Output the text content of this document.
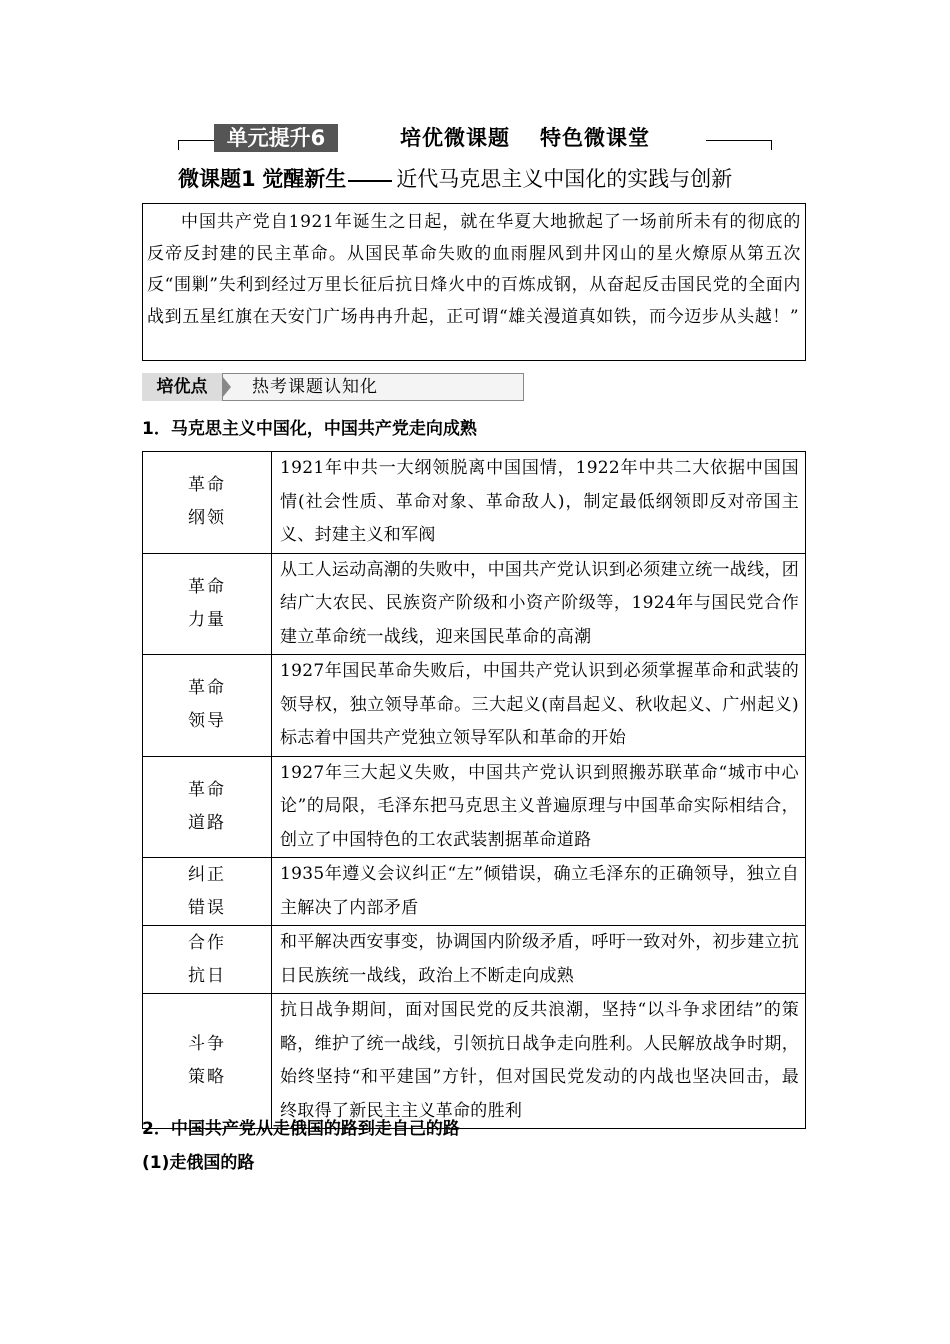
单元提升6	培优微课题 特色微课堂
微课题1 觉醒新生 近代马克思主义中国化的实践与创新

中国共产党自1921年诞生之日起，就在华夏大地掀起了一场前所未有的彻底的反帝反封建的民主革命。从国民革命失败的血雨腥风到井冈山的星火燎原从第五次反“围剿”失利到经过万里长征后抗日烽火中的百炼成钢，从奋起反击国民党的全面内战到五星红旗在天安门广场冉冉升起，正可谓“雄关漫道真如铁，而今迈步从头越！”

培优点	热考课题认知化
1．马克思主义中国化，中国共产党走向成熟
革命
纲领	1921年中共一大纲领脱离中国国情，1922年中共二大依据中国国情(社会性质、革命对象、革命敌人)，制定最低纲领即反对帝国主义、封建主义和军阀

革命
力量	从工人运动高潮的失败中，中国共产党认识到必须建立统一战线，团结广大农民、民族资产阶级和小资产阶级等，1924年与国民党合作建立革命统一战线，迎来国民革命的高潮

革命
领导	1927年国民革命失败后，中国共产党认识到必须掌握革命和武装的领导权，独立领导革命。三大起义(南昌起义、秋收起义、广州起义)标志着中国共产党独立领导军队和革命的开始

革命
道路	1927年三大起义失败，中国共产党认识到照搬苏联革命“城市中心论”的局限，毛泽东把马克思主义普遍原理与中国革命实际相结合，创立了中国特色的工农武装割据革命道路

纠正
错误	1935年遵义会议纠正“左”倾错误，确立毛泽东的正确领导，独立自主解决了内部矛盾

合作
抗日	和平解决西安事变，协调国内阶级矛盾，呼吁一致对外，初步建立抗日民族统一战线，政治上不断走向成熟

斗争
策略	抗日战争期间，面对国民党的反共浪潮，坚持“以斗争求团结”的策略，维护了统一战线，引领抗日战争走向胜利。人民解放战争时期，始终坚持“和平建国”方针，但对国民党发动的内战也坚决回击，最终取得了新民主主义革命的胜利
2．中国共产党从走俄国的路到走自己的路
(1)走俄国的路
